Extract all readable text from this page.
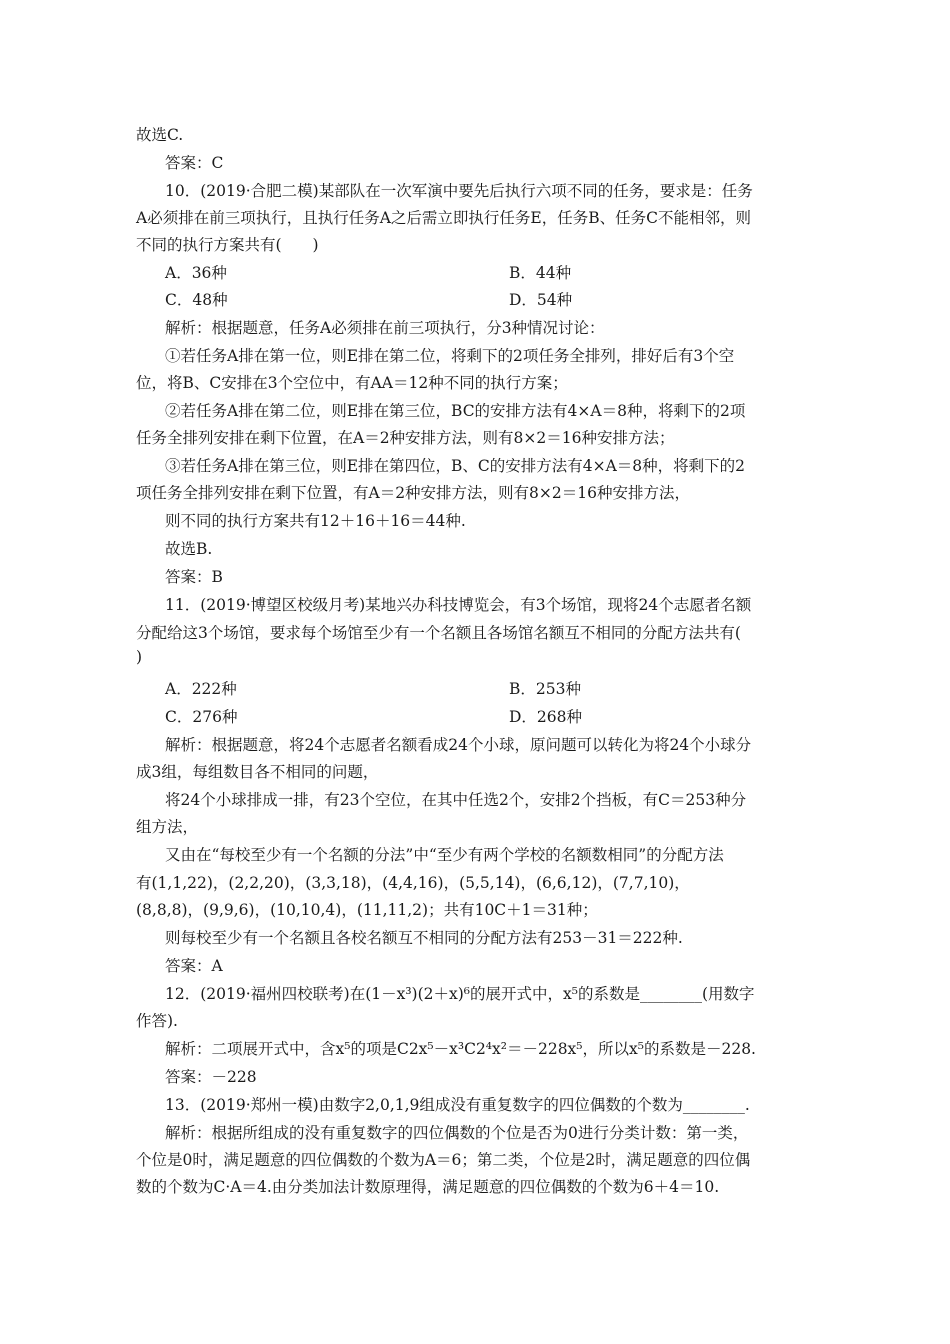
故选C.
答案：C
10．(2019·合肥二模)某部队在一次军演中要先后执行六项不同的任务，要求是：任务
A必须排在前三项执行，且执行任务A之后需立即执行任务E，任务B、任务C不能相邻，则
不同的执行方案共有(　　)
解析：根据题意，任务A必须排在前三项执行，分3种情况讨论：
①若任务A排在第一位，则E排在第二位，将剩下的2项任务全排列，排好后有3个空
位，将B、C安排在3个空位中，有AA＝12种不同的执行方案；
②若任务A排在第二位，则E排在第三位，BC的安排方法有4×A＝8种，将剩下的2项
任务全排列安排在剩下位置，在A＝2种安排方法，则有8×2＝16种安排方法；
③若任务A排在第三位，则E排在第四位，B、C的安排方法有4×A＝8种，将剩下的2
项任务全排列安排在剩下位置，有A＝2种安排方法，则有8×2＝16种安排方法，
则不同的执行方案共有12＋16＋16＝44种.
故选B.
答案：B
11．(2019·博望区校级月考)某地兴办科技博览会，有3个场馆，现将24个志愿者名额
分配给这3个场馆，要求每个场馆至少有一个名额且各场馆名额互不相同的分配方法共有(
)
解析：根据题意，将24个志愿者名额看成24个小球，原问题可以转化为将24个小球分
成3组，每组数目各不相同的问题，
将24个小球排成一排，有23个空位，在其中任选2个，安排2个挡板，有C＝253种分
组方法，
又由在“每校至少有一个名额的分法”中“至少有两个学校的名额数相同”的分配方法
有(1,1,22)，(2,2,20)，(3,3,18)，(4,4,16)，(5,5,14)，(6,6,12)，(7,7,10)，
(8,8,8)，(9,9,6)，(10,10,4)，(11,11,2)；共有10C＋1＝31种；
则每校至少有一个名额且各校名额互不相同的分配方法有253－31＝222种.
答案：A
12．(2019·福州四校联考)在(1－x³)(2＋x)⁶的展开式中，x⁵的系数是________(用数字
作答).
解析：二项展开式中，含x⁵的项是C2x⁵－x³C2⁴x²＝－228x⁵，所以x⁵的系数是－228.
答案：－228
13．(2019·郑州一模)由数字2,0,1,9组成没有重复数字的四位偶数的个数为________.
解析：根据所组成的没有重复数字的四位偶数的个位是否为0进行分类计数：第一类，
个位是0时，满足题意的四位偶数的个数为A＝6；第二类，个位是2时，满足题意的四位偶
数的个数为C·A＝4.由分类加法计数原理得，满足题意的四位偶数的个数为6＋4＝10.
A．36种	B．44种
C．48种	D．54种
A．222种	B．253种
C．276种	D．268种
